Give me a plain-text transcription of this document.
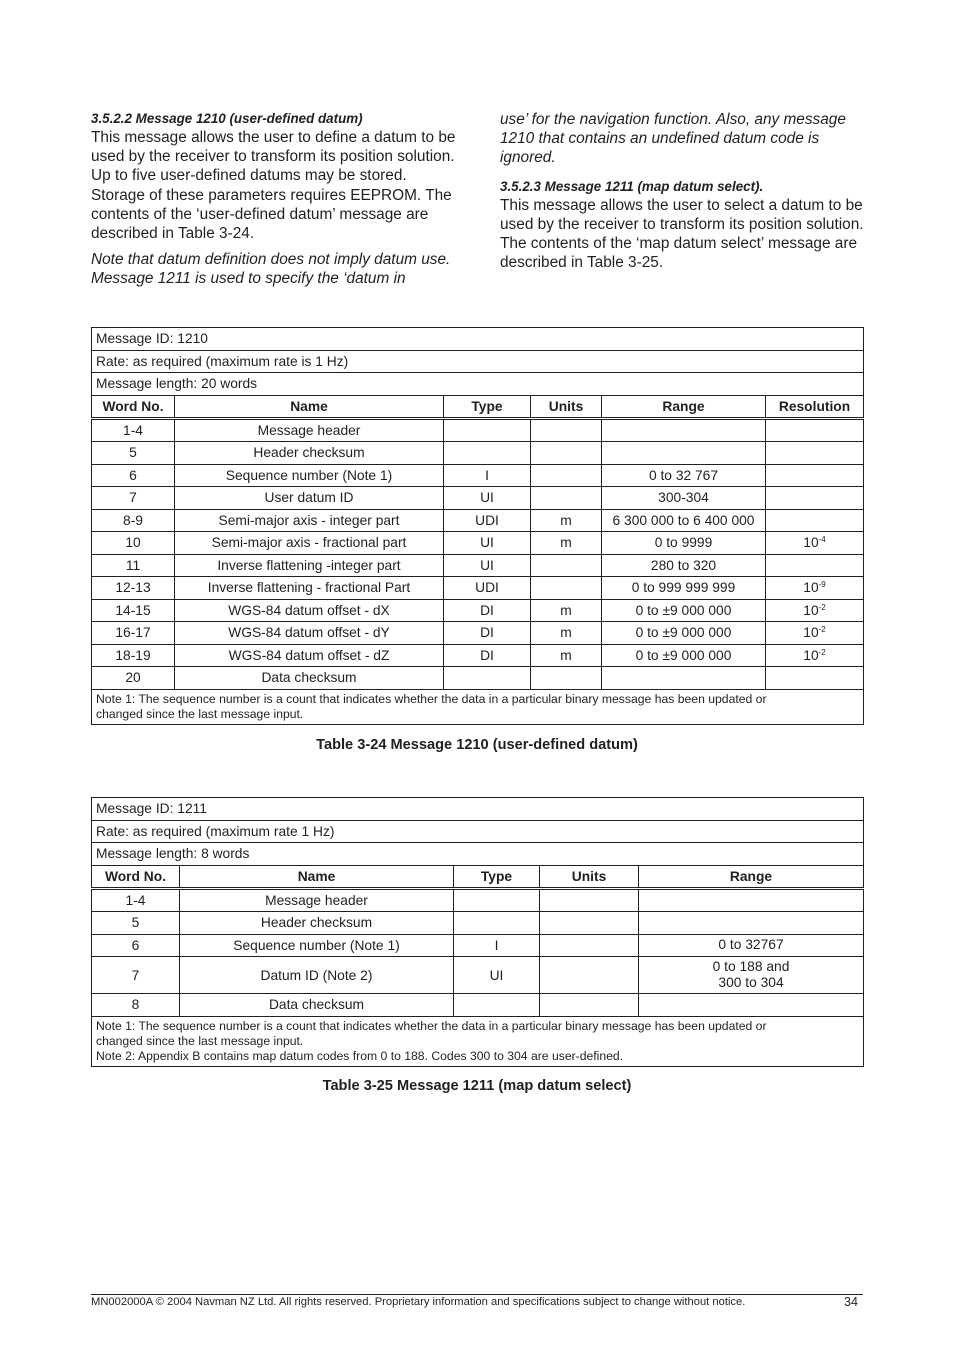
3.5.2.2 Message 1210 (user-defined datum)

This message allows the user to define a datum to be used by the receiver to transform its position solution. Up to five user-defined datums may be stored. Storage of these parameters requires EEPROM. The contents of the ‘user-defined datum’ message are described in Table 3-24.

Note that datum definition does not imply datum use. Message 1211 is used to specify the ‘datum in

use’ for the navigation function. Also, any message 1210 that contains an undefined datum code is ignored.

3.5.2.3 Message 1211 (map datum select).

This message allows the user to select a datum to be used by the receiver to transform its position solution. The contents of the ‘map datum select’ message are described in Table 3-25.

Message ID: 1210					
Rate: as required (maximum rate is 1 Hz)					
Message length: 20 words					
Word No.	Name	Type	Units	Range	Resolution
1-4	Message header				
5	Header checksum				
6	Sequence number (Note 1)	I		0 to 32 767	
7	User datum ID	UI		300-304	
8-9	Semi-major axis - integer part	UDI	m	6 300 000 to 6 400 000	
10	Semi-major axis - fractional part	UI	m	0 to 9999	$10^{-4}$
11	Inverse flattening -integer part	UI		280 to 320	
12-13	Inverse flattening - fractional Part	UDI		0 to 999 999 999	$10^{-9}$
14-15	WGS-84 datum offset - dX	DI	m	0 to ±9 000 000	$10^{-2}$
16-17	WGS-84 datum offset - dY	DI	m	0 to ±9 000 000	$10^{-2}$
18-19	WGS-84 datum offset - dZ	DI	m	0 to ±9 000 000	$10^{-2}$
20	Data checksum				

Note 1: The sequence number is a count that indicates whether the data in a particular binary message has been updated or
changed since the last message input.					
Table 3-24 Message 1210 (user-defined datum)
Message ID: 1211				
Rate: as required (maximum rate 1 Hz)				
Message length: 8 words				
Word No.	Name	Type	Units	Range
1-4	Message header			

5	Header checksum			

6	Sequence number (Note 1)	I		0 to 32767

7	Datum ID (Note 2)	UI		0 to 188 and
300 to 304

8	Data checksum			

Note 1: The sequence number is a count that indicates whether the data in a particular binary message has been updated or
changed since the last message input.
Note 2: Appendix B contains map datum codes from 0 to 188. Codes 300 to 304 are user-defined.				
Table 3-25 Message 1211 (map datum select)
MN002000A © 2004 Navman NZ Ltd. All rights reserved. Proprietary information and specifications subject to change without notice.	34
